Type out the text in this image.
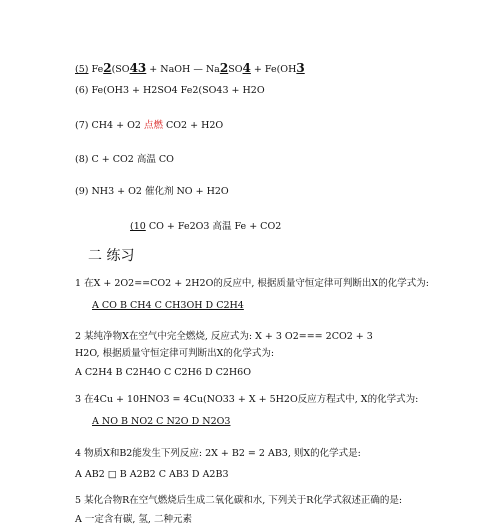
(5) Fe2(SO43 + NaOH — Na2SO4 + Fe(OH3
(6) Fe(OH3 + H2SO4 Fe2(SO43 + H2O
(7) CH4 + O2 点燃 CO2 + H2O
(8) C + CO2 高温 CO
(9) NH3 + O2 催化剂 NO + H2O
(10 CO + Fe2O3 高温 Fe + CO2
二 练习
1 在X + 2O2==CO2 + 2H2O的反应中, 根据质量守恒定律可判断出X的化学式为:
A CO B CH4 C CH3OH D C2H4
2 某纯净物X在空气中完全燃烧, 反应式为: X + 3 O2=== 2CO2 + 3
H2O, 根据质量守恒定律可判断出X的化学式为:
A C2H4 B C2H4O C C2H6 D C2H6O
3 在4Cu + 10HNO3 = 4Cu(NO33 + X + 5H2O反应方程式中, X的化学式为:
A NO B NO2 C N2O D N2O3
4 物质X和B2能发生下列反应: 2X + B2 = 2 AB3, 则X的化学式是:
A AB2 □ B A2B2 C AB3 D A2B3
5 某化合物R在空气燃烧后生成二氧化碳和水, 下列关于R化学式叙述正确的是:
A 一定含有碳, 氢, 二种元素
